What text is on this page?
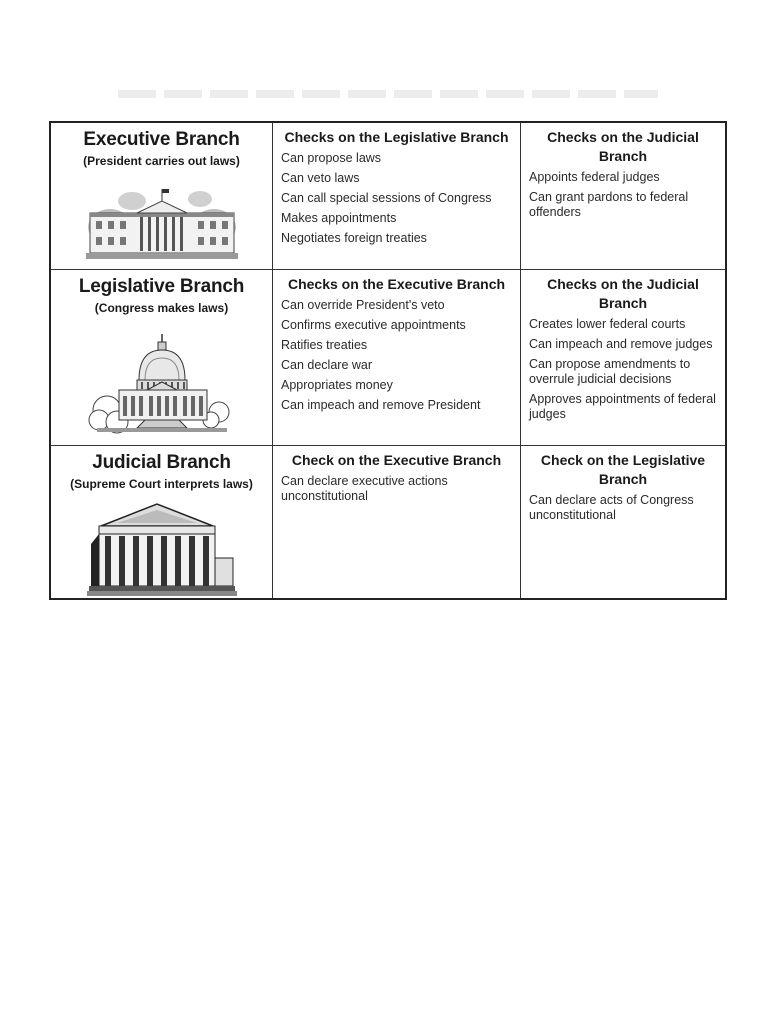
Executive Branch
(President carries out laws)
Checks on the Legislative Branch
Can propose laws
Can veto laws
Can call special sessions of Congress
Makes appointments
Negotiates foreign treaties
Checks on the Judicial Branch
Appoints federal judges
Can grant pardons to federal offenders
Legislative Branch
(Congress makes laws)
Checks on the Executive Branch
Can override President's veto
Confirms executive appointments
Ratifies treaties
Can declare war
Appropriates money
Can impeach and remove President
Checks on the Judicial Branch
Creates lower federal courts
Can impeach and remove judges
Can propose amendments to overrule judicial decisions
Approves appointments of federal judges
Judicial Branch
(Supreme Court interprets laws)
Check on the Executive Branch
Can declare executive actions unconstitutional
Check on the Legislative Branch
Can declare acts of Congress unconstitutional
